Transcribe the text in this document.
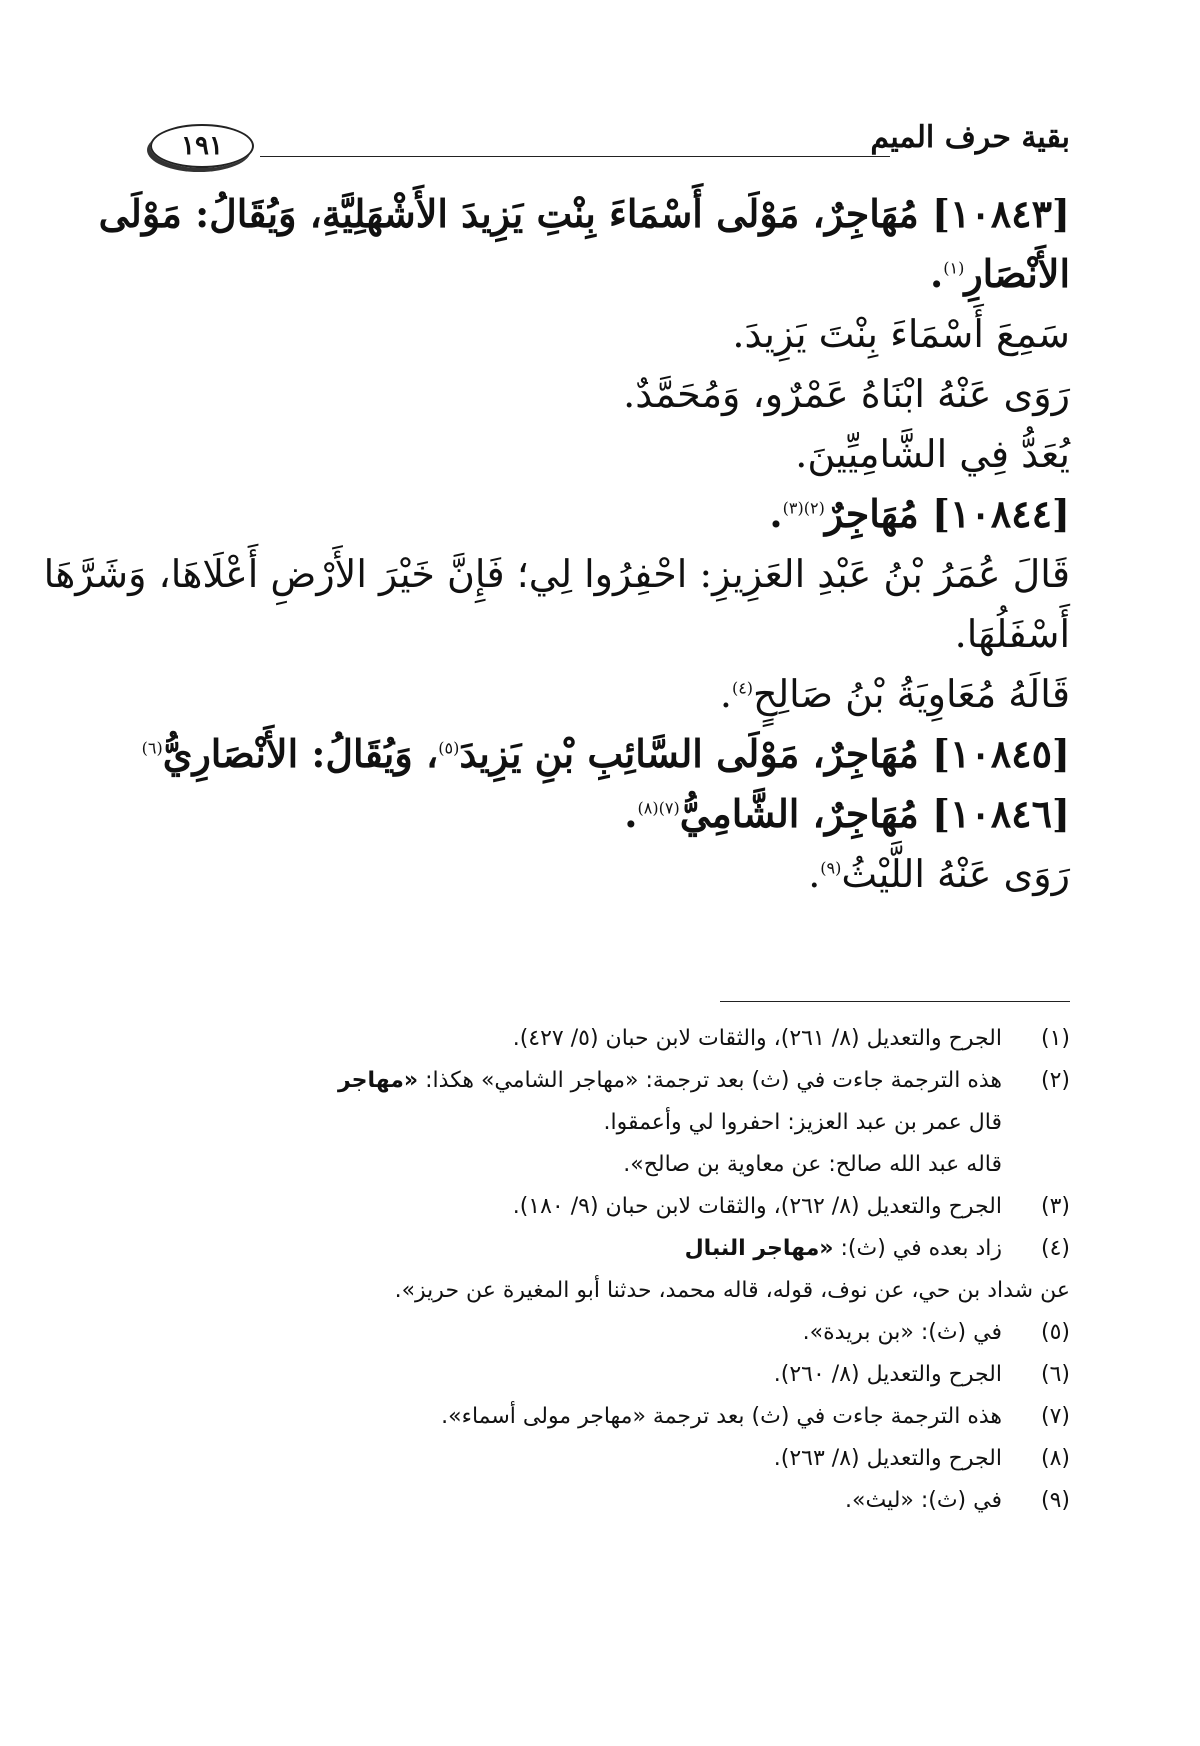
بقية حرف الميم
١٩١
[١٠٨٤٣] مُهَاجِرٌ، مَوْلَى أَسْمَاءَ بِنْتِ يَزِيدَ الأَشْهَلِيَّةِ، وَيُقَالُ: مَوْلَى
الأَنْصَارِ$^{(١)}$.
سَمِعَ أَسْمَاءَ بِنْتَ يَزِيدَ.
رَوَى عَنْهُ ابْنَاهُ عَمْرٌو، وَمُحَمَّدٌ.
يُعَدُّ فِي الشَّامِيِّينَ.
[١٠٨٤٤] مُهَاجِرٌ$^{(٢)(٣)}$.
قَالَ عُمَرُ بْنُ عَبْدِ العَزِيزِ: احْفِرُوا لِي؛ فَإِنَّ خَيْرَ الأَرْضِ أَعْلَاهَا، وَشَرَّهَا
أَسْفَلُهَا.
قَالَهُ مُعَاوِيَةُ بْنُ صَالِحٍ$^{(٤)}$.
[١٠٨٤٥] مُهَاجِرٌ، مَوْلَى السَّائِبِ بْنِ يَزِيدَ$^{(٥)}$، وَيُقَالُ: الأَنْصَارِيُّ$^{(٦)}$
[١٠٨٤٦] مُهَاجِرٌ، الشَّامِيُّ$^{(٧)(٨)}$.
رَوَى عَنْهُ اللَّيْثُ$^{(٩)}$.
(١)
الجرح والتعديل (٨/ ٢٦١)، والثقات لابن حبان (٥/ ٤٢٧).
(٢)
هذه الترجمة جاءت في (ث) بعد ترجمة: «مهاجر الشامي» هكذا: «مهاجر
قال عمر بن عبد العزيز: احفروا لي وأعمقوا.
قاله عبد الله صالح: عن معاوية بن صالح».
(٣)
الجرح والتعديل (٨/ ٢٦٢)، والثقات لابن حبان (٩/ ١٨٠).
(٤)
زاد بعده في (ث): «مهاجر النبال
عن شداد بن حي، عن نوف، قوله، قاله محمد، حدثنا أبو المغيرة عن حريز».
(٥)
في (ث): «بن بريدة».
(٦)
الجرح والتعديل (٨/ ٢٦٠).
(٧)
هذه الترجمة جاءت في (ث) بعد ترجمة «مهاجر مولى أسماء».
(٨)
الجرح والتعديل (٨/ ٢٦٣).
(٩)
في (ث): «ليث».
